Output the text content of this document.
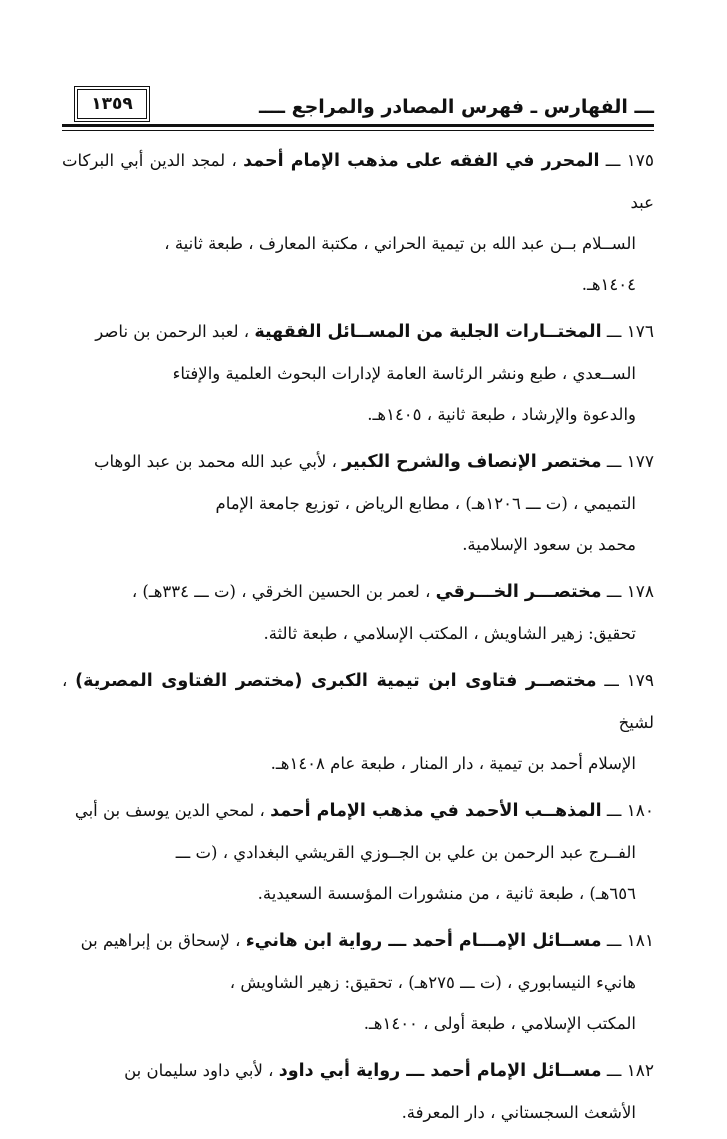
١٣٥٩	ـــ الفهارس ـ فهرس المصادر والمراجع ــــ
١٧٥ ـــ المحرر في الفقه على مذهب الإمام أحمد ، لمجد الدين أبي البركات عبد
الســلام بــن عبد الله بن تيمية الحراني ، مكتبة المعارف ، طبعة ثانية ،
١٤٠٤هـ.
١٧٦ ـــ المختــارات الجلية من المســائل الفقهية ، لعبد الرحمن بن ناصر
الســعدي ، طبع ونشر الرئاسة العامة لإدارات البحوث العلمية والإفتاء
والدعوة والإرشاد ، طبعة ثانية ، ١٤٠٥هـ.
١٧٧ ـــ مختصر الإنصاف والشرح الكبير ، لأبي عبد الله محمد بن عبد الوهاب
التميمي ، (ت ـــ ١٢٠٦هـ) ، مطابع الرياض ، توزيع جامعة الإمام
محمد بن سعود الإسلامية.
١٧٨ ـــ مختصـــر الخـــرقي ، لعمر بن الحسين الخرقي ، (ت ـــ ٣٣٤هـ) ،
تحقيق: زهير الشاويش ، المكتب الإسلامي ، طبعة ثالثة.
١٧٩ ـــ مختصــر فتاوى ابن تيمية الكبرى (مختصر الفتاوى المصرية) ، لشيخ
الإسلام أحمد بن تيمية ، دار المنار ، طبعة عام ١٤٠٨هـ.
١٨٠ ـــ المذهــب الأحمد في مذهب الإمام أحمد ، لمحي الدين يوسف بن أبي
الفــرج عبد الرحمن بن علي بن الجــوزي القريشي البغدادي ، (ت ـــ
٦٥٦هـ) ، طبعة ثانية ، من منشورات المؤسسة السعيدية.
١٨١ ـــ مســائل الإمـــام أحمد ـــ رواية ابن هانيء ، لإسحاق بن إبراهيم بن
هانيء النيسابوري ، (ت ـــ ٢٧٥هـ) ، تحقيق: زهير الشاويش ،
المكتب الإسلامي ، طبعة أولى ، ١٤٠٠هـ.
١٨٢ ـــ مســائل الإمام أحمد ـــ رواية أبي داود ، لأبي داود سليمان بن
الأشعث السجستاني ، دار المعرفة.
